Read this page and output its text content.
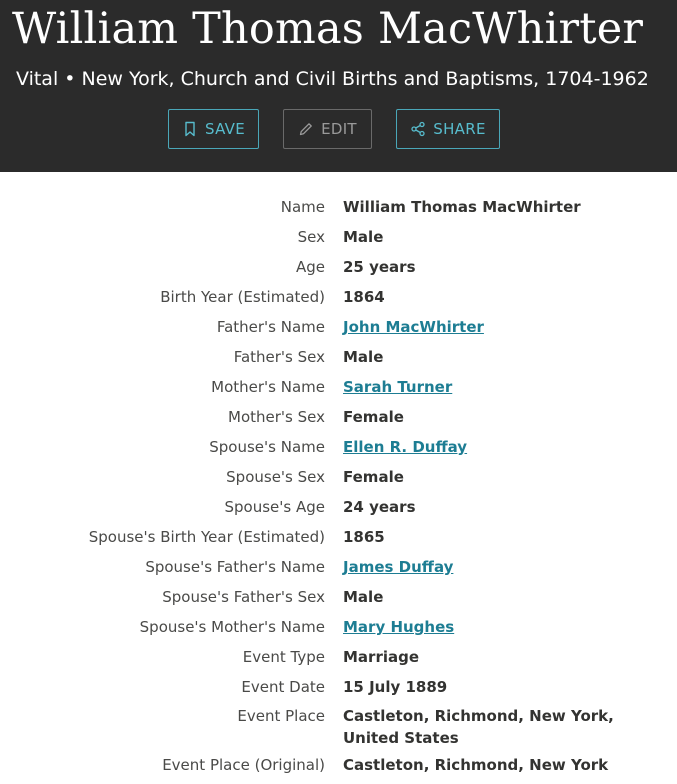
William Thomas MacWhirter
Vital • New York, Church and Civil Births and Baptisms, 1704-1962
SAVE	EDIT	SHARE
Name William Thomas MacWhirter
Sex Male
Age 25 years
Birth Year (Estimated) 1864
Father's Name John MacWhirter
Father's Sex Male
Mother's Name Sarah Turner
Mother's Sex Female
Spouse's Name Ellen R. Duffay
Spouse's Sex Female
Spouse's Age 24 years
Spouse's Birth Year (Estimated) 1865
Spouse's Father's Name James Duffay
Spouse's Father's Sex Male
Spouse's Mother's Name Mary Hughes
Event Type Marriage
Event Date 15 July 1889
Event Place Castleton, Richmond, New York, United States
Event Place (Original) Castleton, Richmond, New York
